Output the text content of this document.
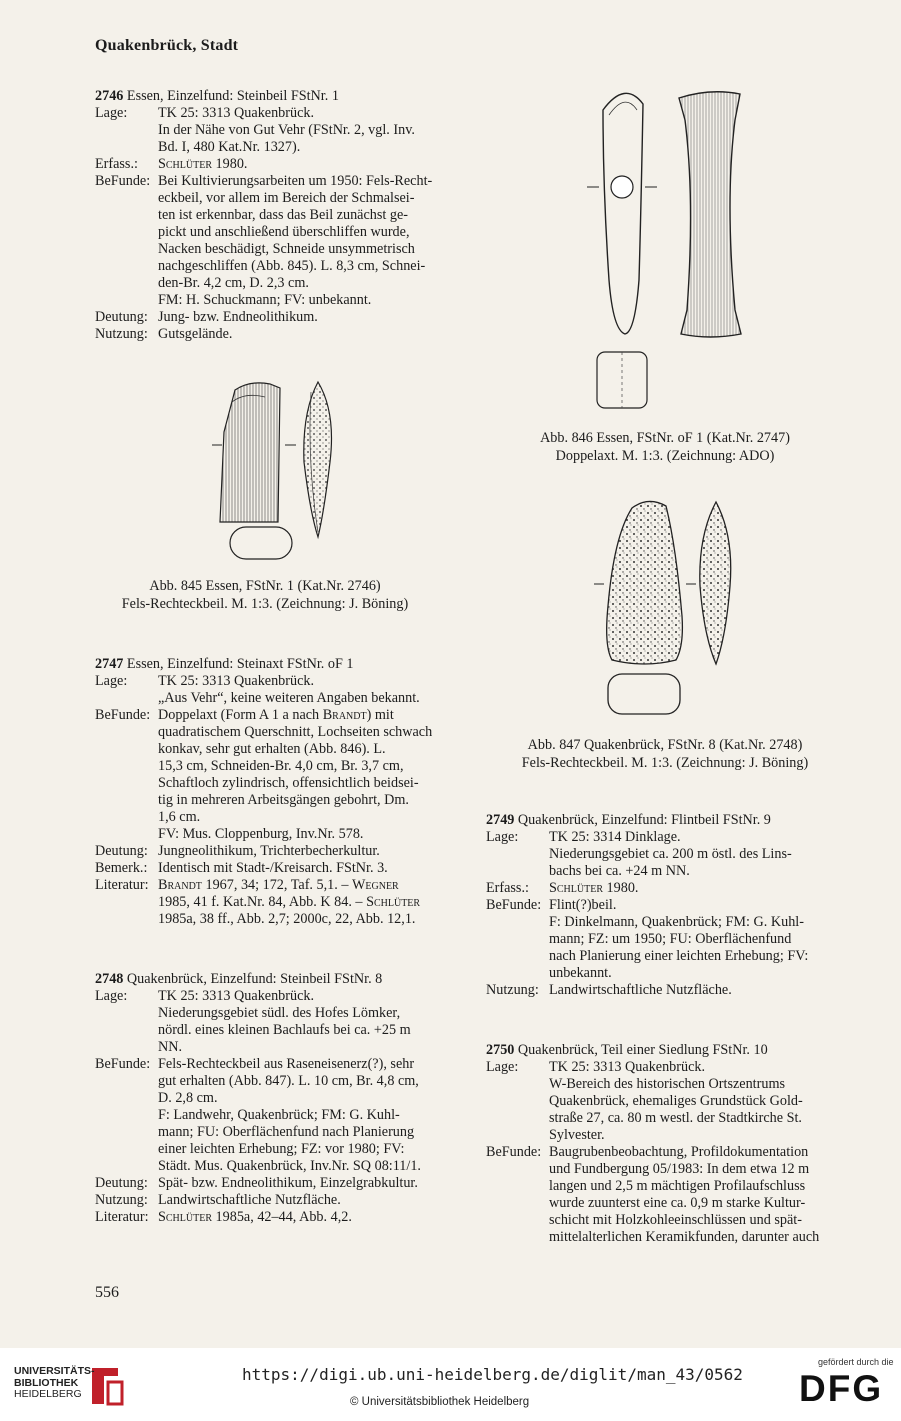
Quakenbrück, Stadt
2746 Essen, Einzelfund: Steinbeil FStNr. 1
Lage:	TK 25: 3313 Quakenbrück.
In der Nähe von Gut Vehr (FStNr. 2, vgl. Inv.
Bd. I, 480 Kat.Nr. 1327).
Erfass.:	Schlüter 1980.
BeFunde: Bei Kultivierungsarbeiten um 1950: Fels-Recht-
eckbeil, vor allem im Bereich der Schmalsei-
ten ist erkennbar, dass das Beil zunächst ge-
pickt und anschließend überschliffen wurde,
Nacken beschädigt, Schneide unsymmetrisch
nachgeschliffen (Abb. 845). L. 8,3 cm, Schnei-
den-Br. 4,2 cm, D. 2,3 cm.
FM: H. Schuckmann; FV: unbekannt.
Deutung: Jung- bzw. Endneolithikum.
Nutzung: Gutsgelände.
Abb. 845 Essen, FStNr. 1 (Kat.Nr. 2746)
Fels-Rechteckbeil. M. 1:3. (Zeichnung: J. Böning)
2747 Essen, Einzelfund: Steinaxt FStNr. oF 1
Lage:	TK 25: 3313 Quakenbrück.
„Aus Vehr“, keine weiteren Angaben bekannt.
BeFunde: Doppelaxt (Form A 1 a nach Brandt) mit
quadratischem Querschnitt, Lochseiten schwach
konkav, sehr gut erhalten (Abb. 846). L.
15,3 cm, Schneiden-Br. 4,0 cm, Br. 3,7 cm,
Schaftloch zylindrisch, offensichtlich beidsei-
tig in mehreren Arbeitsgängen gebohrt, Dm.
1,6 cm.
FV: Mus. Cloppenburg, Inv.Nr. 578.
Deutung: Jungneolithikum, Trichterbecherkultur.
Bemerk.: Identisch mit Stadt-/Kreisarch. FStNr. 3.
Literatur: Brandt 1967, 34; 172, Taf. 5,1. – Wegner
1985, 41 f. Kat.Nr. 84, Abb. K 84. – Schlüter
1985a, 38 ff., Abb. 2,7; 2000c, 22, Abb. 12,1.
2748 Quakenbrück, Einzelfund: Steinbeil FStNr. 8
Lage:	TK 25: 3313 Quakenbrück.
Niederungsgebiet südl. des Hofes Lömker,
nördl. eines kleinen Bachlaufs bei ca. +25 m
NN.
BeFunde: Fels-Rechteckbeil aus Raseneisenerz(?), sehr
gut erhalten (Abb. 847). L. 10 cm, Br. 4,8 cm,
D. 2,8 cm.
F: Landwehr, Quakenbrück; FM: G. Kuhl-
mann; FU: Oberflächenfund nach Planierung
einer leichten Erhebung; FZ: vor 1980; FV:
Städt. Mus. Quakenbrück, Inv.Nr. SQ 08:11/1.
Deutung: Spät- bzw. Endneolithikum, Einzelgrabkultur.
Nutzung: Landwirtschaftliche Nutzfläche.
Literatur: Schlüter 1985a, 42–44, Abb. 4,2.
556
Abb. 846 Essen, FStNr. oF 1 (Kat.Nr. 2747)
Doppelaxt. M. 1:3. (Zeichnung: ADO)
Abb. 847 Quakenbrück, FStNr. 8 (Kat.Nr. 2748)
Fels-Rechteckbeil. M. 1:3. (Zeichnung: J. Böning)
2749 Quakenbrück, Einzelfund: Flintbeil FStNr. 9
Lage:	TK 25: 3314 Dinklage.
Niederungsgebiet ca. 200 m östl. des Lins-
bachs bei ca. +24 m NN.
Erfass.:	Schlüter 1980.
BeFunde: Flint(?)beil.
F: Dinkelmann, Quakenbrück; FM: G. Kuhl-
mann; FZ: um 1950; FU: Oberflächenfund
nach Planierung einer leichten Erhebung; FV:
unbekannt.
Nutzung: Landwirtschaftliche Nutzfläche.
2750 Quakenbrück, Teil einer Siedlung FStNr. 10
Lage:	TK 25: 3313 Quakenbrück.
W-Bereich des historischen Ortszentrums
Quakenbrück, ehemaliges Grundstück Gold-
straße 27, ca. 80 m westl. der Stadtkirche St.
Sylvester.
BeFunde: Baugrubenbeobachtung, Profildokumentation
und Fundbergung 05/1983: In dem etwa 12 m
langen und 2,5 m mächtigen Profilaufschluss
wurde zuunterst eine ca. 0,9 m starke Kultur-
schicht mit Holzkohleeinschlüssen und spät-
mittelalterlichen Keramikfunden, darunter auch
UNIVERSITÄTS-
BIBLIOTHEK
HEIDELBERG
https://digi.ub.uni-heidelberg.de/diglit/man_43/0562
© Universitätsbibliothek Heidelberg
gefördert durch die
DFG
